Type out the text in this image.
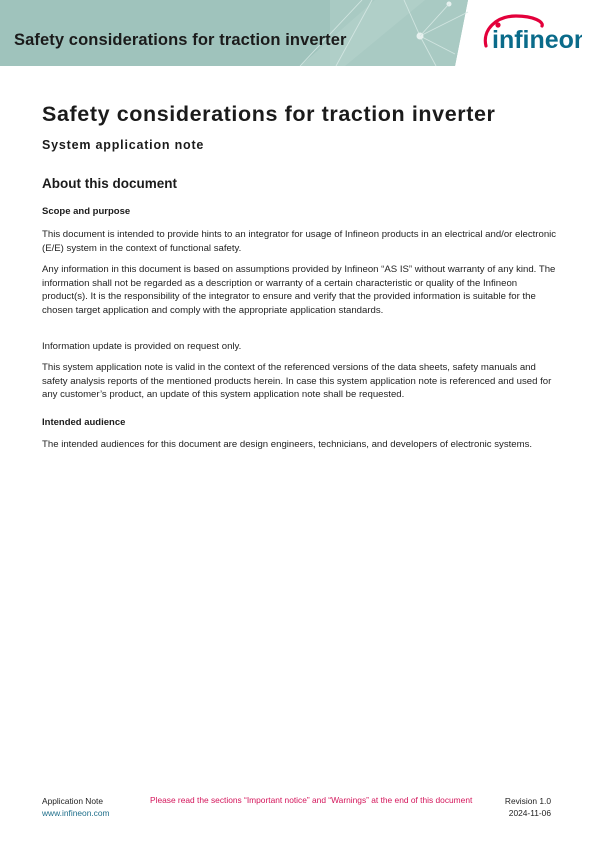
Safety considerations for traction inverter	infineon
Safety considerations for traction inverter
System application note
About this document
Scope and purpose
This document is intended to provide hints to an integrator for usage of Infineon products in an electrical and/or electronic (E/E) system in the context of functional safety.
Any information in this document is based on assumptions provided by Infineon “AS IS” without warranty of any kind. The information shall not be regarded as a description or warranty of a certain characteristic or quality of the Infineon product(s). It is the responsibility of the integrator to ensure and verify that the provided information is suitable for the chosen target application and comply with the appropriate application standards.
Information update is provided on request only.
This system application note is valid in the context of the referenced versions of the data sheets, safety manuals and safety analysis reports of the mentioned products herein. In case this system application note is referenced and used for any customer’s product, an update of this system application note shall be requested.
Intended audience
The intended audiences for this document are design engineers, technicians, and developers of electronic systems.
Application Note
www.infineon.com
Please read the sections “Important notice” and “Warnings” at the end of this document	Revision 1.0
2024-11-06
